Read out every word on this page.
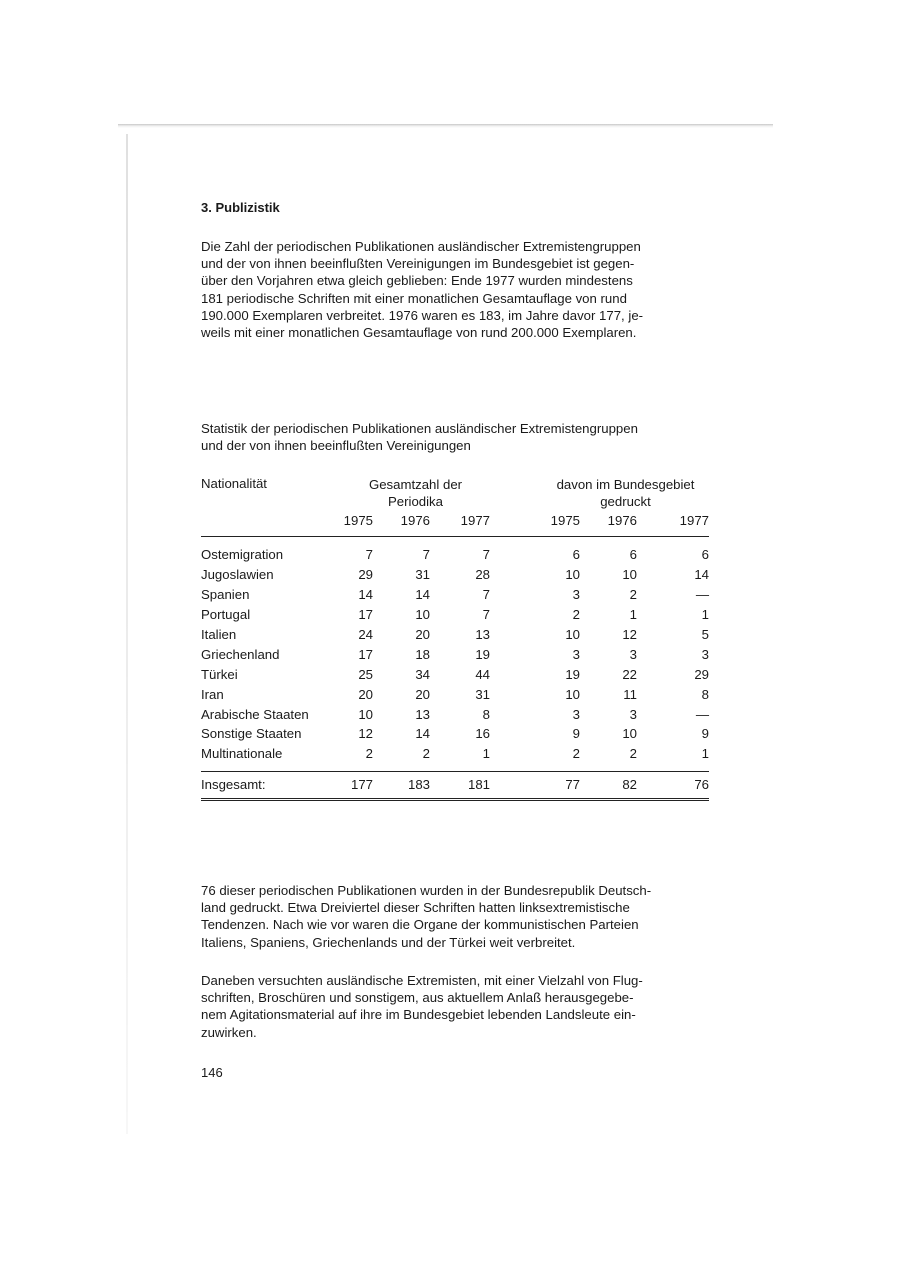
3. Publizistik
Die Zahl der periodischen Publikationen ausländischer Extremistengruppen
und der von ihnen beeinflußten Vereinigungen im Bundesgebiet ist gegen-
über den Vorjahren etwa gleich geblieben: Ende 1977 wurden mindestens
181 periodische Schriften mit einer monatlichen Gesamtauflage von rund
190.000 Exemplaren verbreitet. 1976 waren es 183, im Jahre davor 177, je-
weils mit einer monatlichen Gesamtauflage von rund 200.000 Exemplaren.
Statistik der periodischen Publikationen ausländischer Extremistengruppen
und der von ihnen beeinflußten Vereinigungen
Nationalität	Gesamtzahl der				davon im Bundesgebiet		

	Periodika				gedruckt		
	1975	1976	1977		1975	1976	1977
Ostemigration	7	7	7		6	6	6
Jugoslawien	29	31	28		10	10	14
Spanien	14	14	7		3	2	—
Portugal	17	10	7		2	1	1
Italien	24	20	13		10	12	5
Griechenland	17	18	19		3	3	3
Türkei	25	34	44		19	22	29
Iran	20	20	31		10	11	8
Arabische Staaten	10	13	8		3	3	—
Sonstige Staaten	12	14	16		9	10	9
Multinationale	2	2	1		2	2	1
Insgesamt:	177	183	181		77	82	76
76 dieser periodischen Publikationen wurden in der Bundesrepublik Deutsch-
land gedruckt. Etwa Dreiviertel dieser Schriften hatten linksextremistische
Tendenzen. Nach wie vor waren die Organe der kommunistischen Parteien
Italiens, Spaniens, Griechenlands und der Türkei weit verbreitet.
Daneben versuchten ausländische Extremisten, mit einer Vielzahl von Flug-
schriften, Broschüren und sonstigem, aus aktuellem Anlaß herausgegebe-
nem Agitationsmaterial auf ihre im Bundesgebiet lebenden Landsleute ein-
zuwirken.
146
